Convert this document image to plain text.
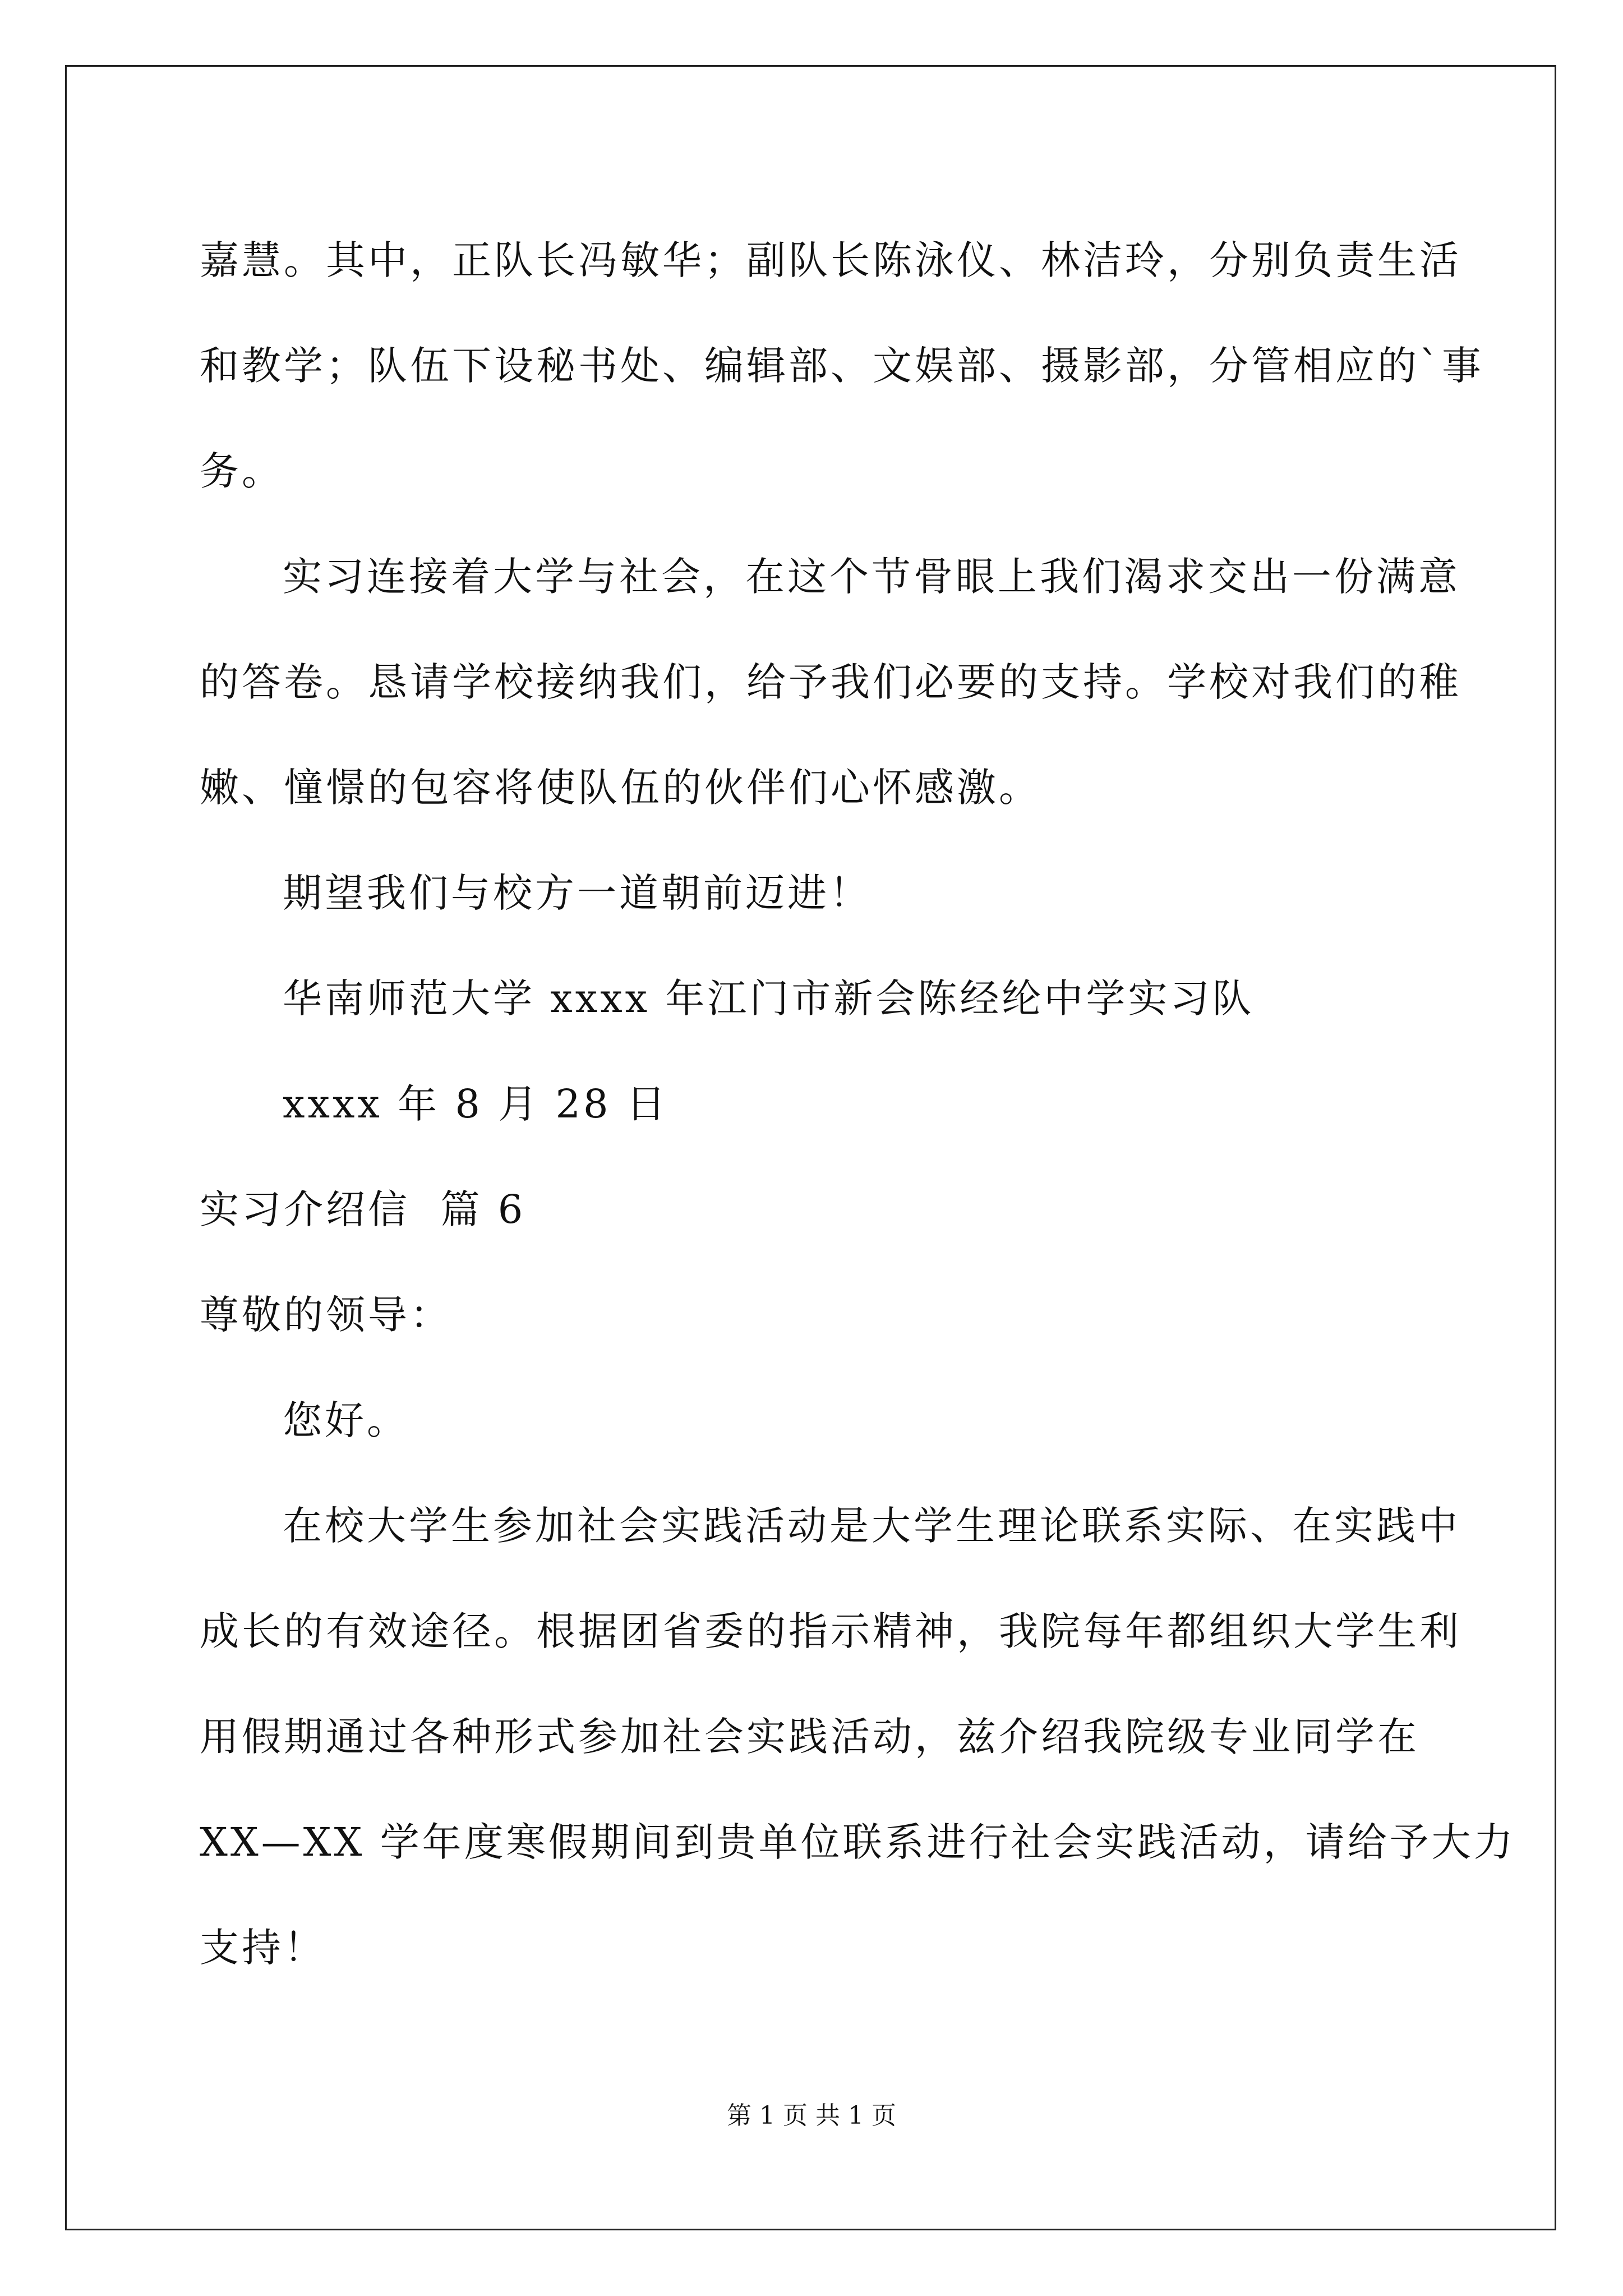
嘉慧。其中，正队长冯敏华；副队长陈泳仪、林洁玲，分别负责生活
和教学；队伍下设秘书处、编辑部、文娱部、摄影部，分管相应的`事
务。
实习连接着大学与社会，在这个节骨眼上我们渴求交出一份满意
的答卷。恳请学校接纳我们，给予我们必要的支持。学校对我们的稚
嫩、憧憬的包容将使队伍的伙伴们心怀感激。
期望我们与校方一道朝前迈进！
华南师范大学 xxxx 年江门市新会陈经纶中学实习队
xxxx 年 8 月 28 日
实习介绍信  篇 6
尊敬的领导：
您好。
在校大学生参加社会实践活动是大学生理论联系实际、在实践中
成长的有效途径。根据团省委的指示精神，我院每年都组织大学生利
用假期通过各种形式参加社会实践活动，兹介绍我院级专业同学在
XX—XX 学年度寒假期间到贵单位联系进行社会实践活动，请给予大力
支持！
第 1 页 共 1 页
